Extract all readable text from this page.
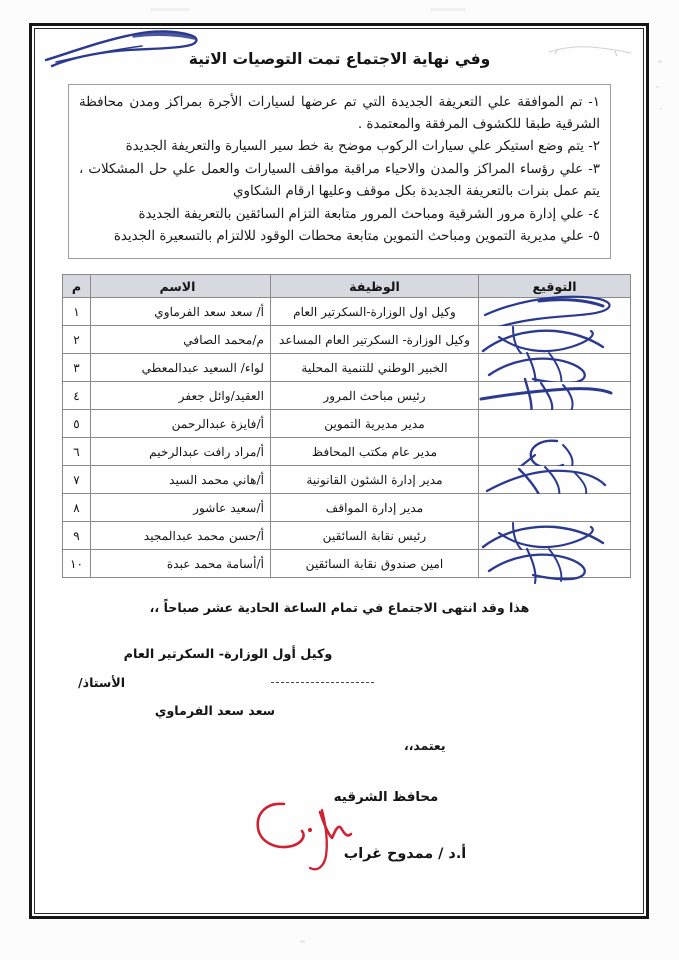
وفي نهاية الاجتماع تمت التوصيات الاتية

١- تم الموافقة علي التعريفة الجديدة التي تم عرضها لسيارات الأجرة بمراكز ومدن محافظة الشرقية طبقا للكشوف المرفقة والمعتمدة .

٢- يتم وضع استيكر علي سيارات الركوب موضح بة خط سير السيارة والتعريفة الجديدة

٣- علي رؤساء المراكز والمدن والاحياء مراقبة مواقف السيارات والعمل علي حل المشكلات ، يتم عمل بنرات بالتعريفة الجديدة بكل موقف وعليها ارقام الشكاوي

٤- علي إدارة مرور الشرقية ومباحث المرور متابعة التزام السائقين بالتعريفة الجديدة

٥- علي مديرية التموين ومباحث التموين متابعة محطات الوقود للالتزام بالتسعيرة الجديدة

التوقيع	الوظيفة	الاسم	م

	وكيل اول الوزارة-السكرتير العام	أ/ سعد سعد الفرماوي	١

	وكيل الوزارة- السكرتير العام المساعد	م/محمد الصافي	٢

	الخبير الوطني للتنمية المحلية	لواء/ السعيد عبدالمعطي	٣

	رئيس مباحث المرور	العقيد/وائل جعفر	٤
	مدير مديرية التموين	أ/فايزة عبدالرحمن	٥

	مدير عام مكتب المحافظ	أ/مراد رافت عبدالرخيم	٦

	مدير إدارة الشئون القانونية	أ/هاني محمد السيد	٧
	مدير إدارة المواقف	أ/سعيد عاشور	٨

	رئيس نقابة السائقين	أ/حسن محمد عبدالمجيد	٩

	امين صندوق نقابة السائقين	أ/أسامة محمد عبدة	١٠
هذا وقد انتهى الاجتماع في تمام الساعة الحادية عشر صباحاً ،،
وكيل أول الوزارة- السكرتير العام
الأستاذ/
سعد سعد الفرماوي
يعتمد،،
محافظ الشرقيه
أ.د / ممدوح غراب
